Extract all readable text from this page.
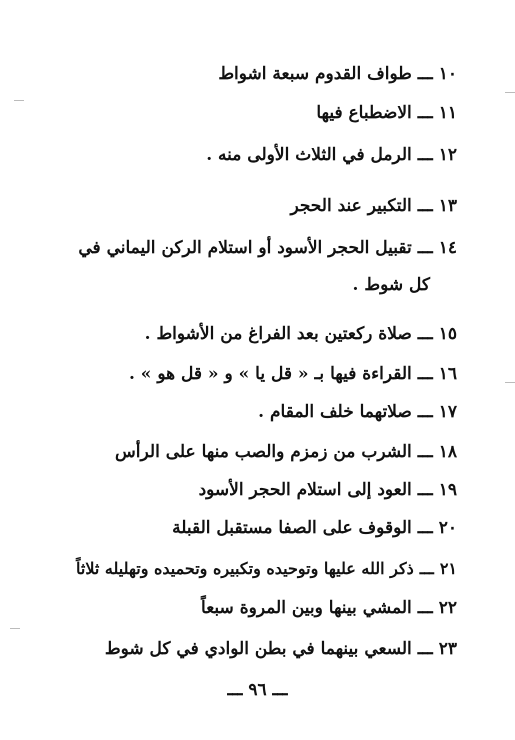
١٠ـــطواف القدوم سبعة اشواط
١١ـــالاضطباع فيها
١٢ـــالرمل في الثلاث الأولى منه .
١٣ـــالتكبير عند الحجر
١٤ـــتقبيل الحجر الأسود أو استلام الركن اليماني في
كل شوط .
١٥ـــصلاة ركعتين بعد الفراغ من الأشواط .
١٦ـــالقراءة فيها بـ « قل يا » و « قل هو » .
١٧ـــصلاتهما خلف المقام .
١٨ـــالشرب من زمزم والصب منها على الرأس
١٩ـــالعود إلى استلام الحجر الأسود
٢٠ـــالوقوف على الصفا مستقبل القبلة
٢١ـــذكر الله عليها وتوحيده وتكبيره وتحميده وتهليله ثلاثاً
٢٢ـــالمشي بينها وبين المروة سبعاً
٢٣ـــالسعي بينهما في بطن الوادي في كل شوط
ـــ ٩٦ ـــ
